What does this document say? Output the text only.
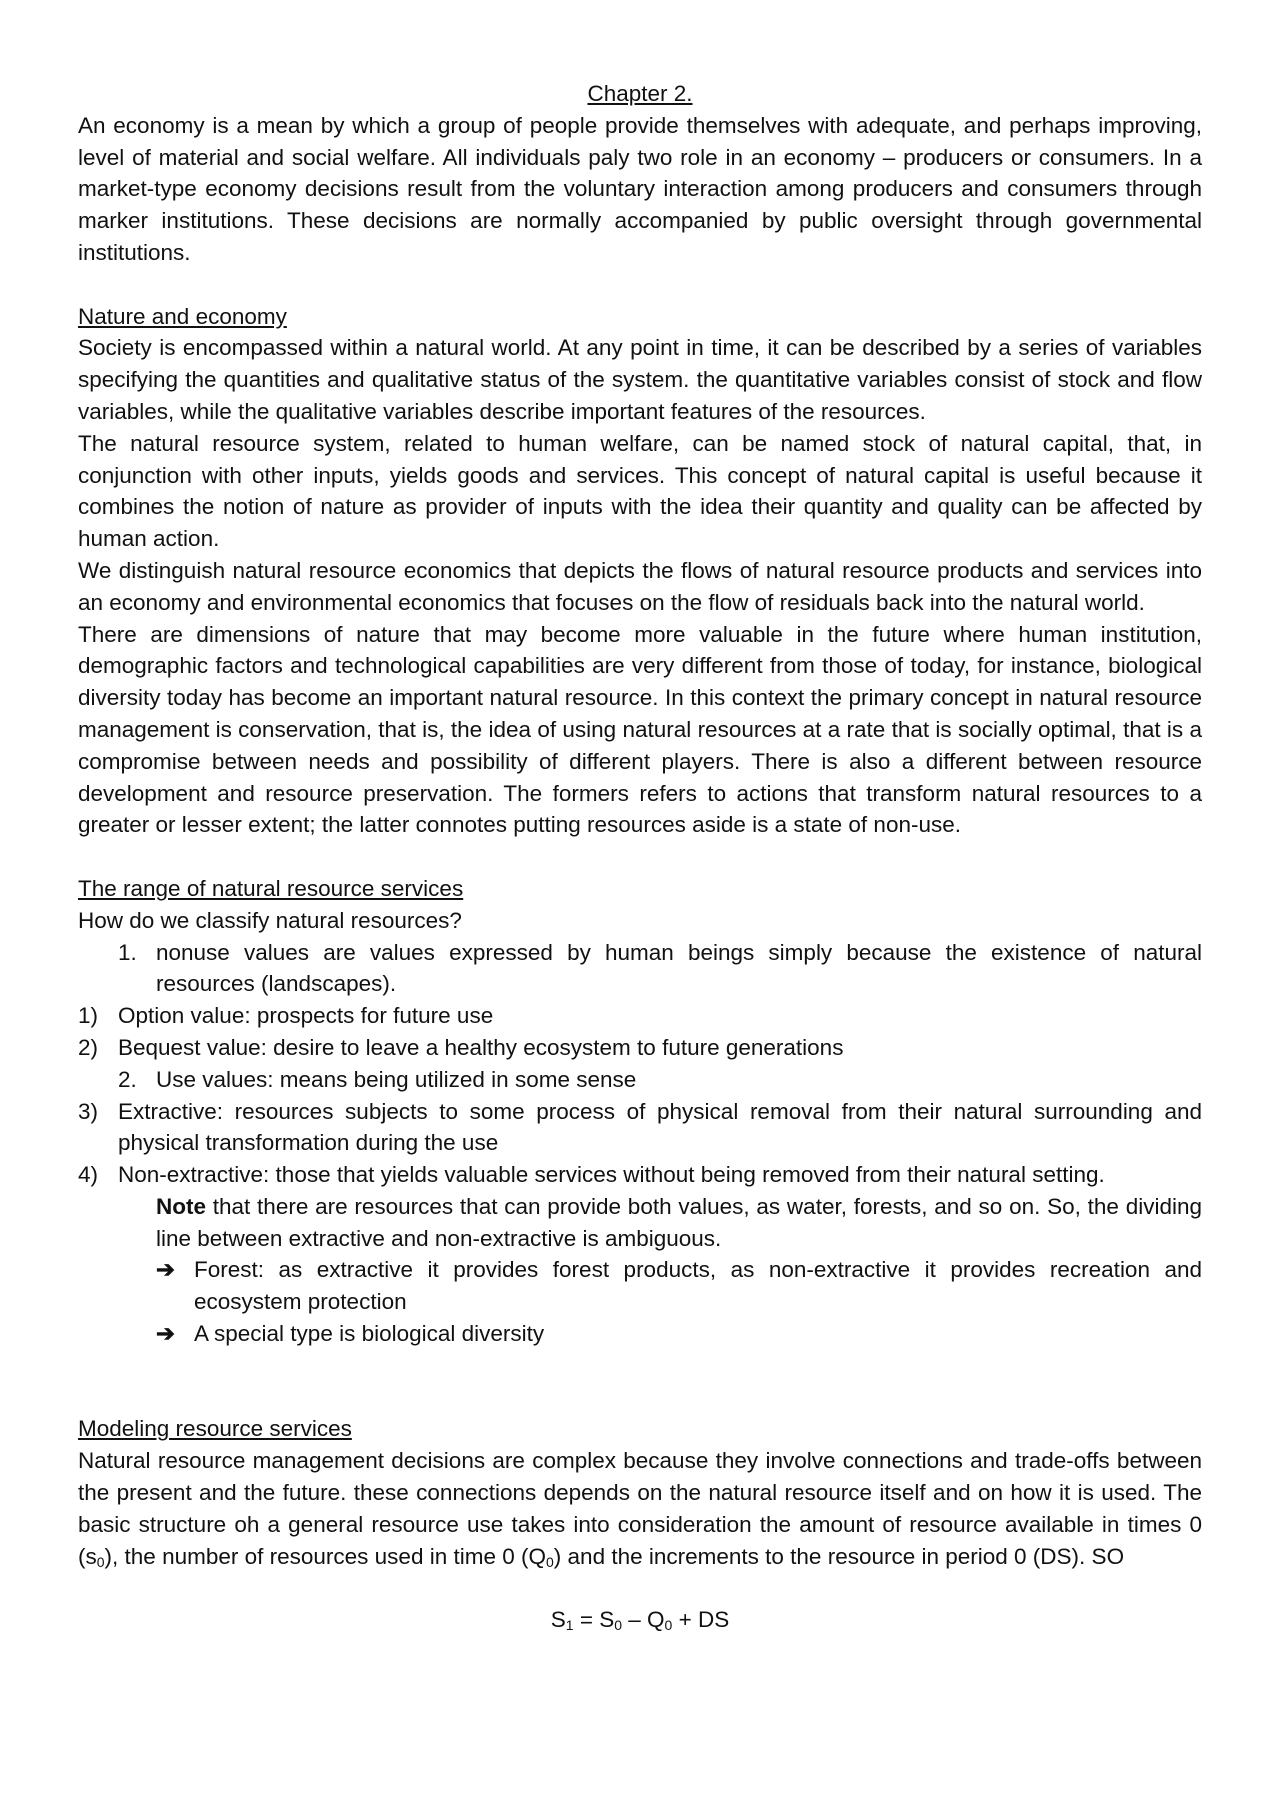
Chapter 2.

An economy is a mean by which a group of people provide themselves with adequate, and perhaps improving, level of material and social welfare. All individuals paly two role in an economy – producers or consumers. In a market-type economy decisions result from the voluntary interaction among producers and consumers through marker institutions. These decisions are normally accompanied by public oversight through governmental institutions.

Nature and economy

Society is encompassed within a natural world. At any point in time, it can be described by a series of variables specifying the quantities and qualitative status of the system. the quantitative variables consist of stock and flow variables, while the qualitative variables describe important features of the resources.

The natural resource system, related to human welfare, can be named stock of natural capital, that, in conjunction with other inputs, yields goods and services. This concept of natural capital is useful because it combines the notion of nature as provider of inputs with the idea their quantity and quality can be affected by human action.

We distinguish natural resource economics that depicts the flows of natural resource products and services into an economy and environmental economics that focuses on the flow of residuals back into the natural world.

There are dimensions of nature that may become more valuable in the future where human institution, demographic factors and technological capabilities are very different from those of today, for instance, biological diversity today has become an important natural resource. In this context the primary concept in natural resource management is conservation, that is, the idea of using natural resources at a rate that is socially optimal, that is a compromise between needs and possibility of different players. There is also a different between resource development and resource preservation. The formers refers to actions that transform natural resources to a greater or lesser extent; the latter connotes putting resources aside is a state of non-use.

The range of natural resource services

How do we classify natural resources?

1. nonuse values are values expressed by human beings simply because the existence of natural resources (landscapes).
1) Option value: prospects for future use
2) Bequest value: desire to leave a healthy ecosystem to future generations
2. Use values: means being utilized in some sense
3) Extractive: resources subjects to some process of physical removal from their natural surrounding and physical transformation during the use
4) Non-extractive: those that yields valuable services without being removed from their natural setting.

Note that there are resources that can provide both values, as water, forests, and so on. So, the dividing line between extractive and non-extractive is ambiguous.

➔ Forest: as extractive it provides forest products, as non-extractive it provides recreation and ecosystem protection
➔ A special type is biological diversity

Modeling resource services

Natural resource management decisions are complex because they involve connections and trade-offs between the present and the future. these connections depends on the natural resource itself and on how it is used. The basic structure oh a general resource use takes into consideration the amount of resource available in times 0 $(s_0)$, the number of resources used in time 0 $(Q_0)$ and the increments to the resource in period 0 (DS). SO

$S_1 = S_0 - Q_0$ + DS
